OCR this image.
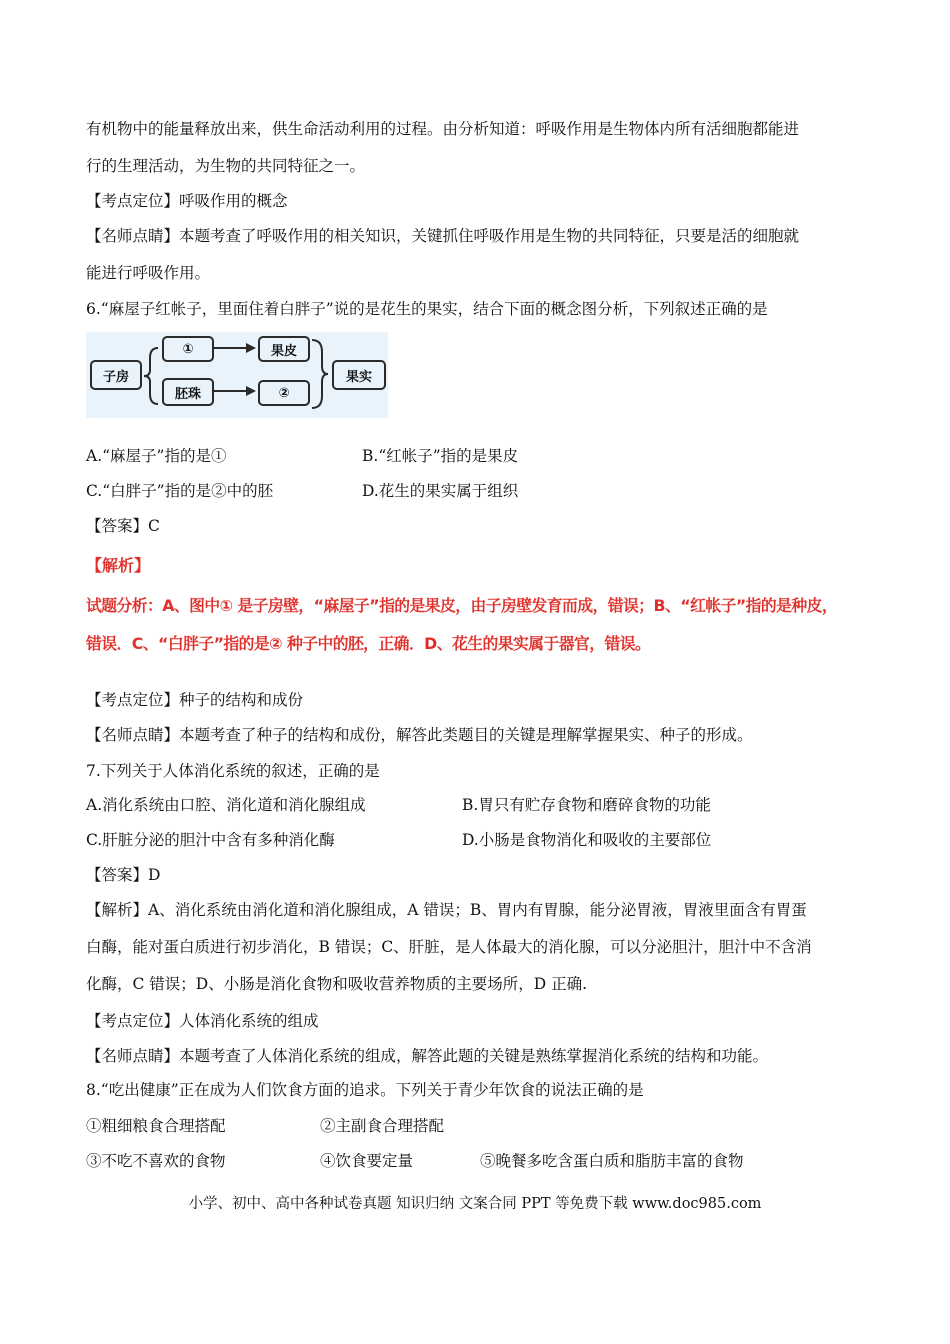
有机物中的能量释放出来，供生命活动利用的过程。由分析知道：呼吸作用是生物体内所有活细胞都能进
行的生理活动，为生物的共同特征之一。
【考点定位】呼吸作用的概念
【名师点睛】本题考查了呼吸作用的相关知识，关键抓住呼吸作用是生物的共同特征，只要是活的细胞就
能进行呼吸作用。
6.“麻屋子红帐子，里面住着白胖子”说的是花生的果实，结合下面的概念图分析，下列叙述正确的是
子房
①	果皮
胚珠	②
果实
A.“麻屋子”指的是①	B.“红帐子”指的是果皮
C.“白胖子”指的是②中的胚	D.花生的果实属于组织
【答案】C
【解析】
试题分析：A、图中① 是子房壁，“麻屋子”指的是果皮，由子房壁发育而成，错误；B、“红帐子”指的是种皮，
错误．C、“白胖子”指的是② 种子中的胚，正确．D、花生的果实属于器官，错误。
【考点定位】种子的结构和成份
【名师点睛】本题考查了种子的结构和成份，解答此类题目的关键是理解掌握果实、种子的形成。
7.下列关于人体消化系统的叙述，正确的是
A.消化系统由口腔、消化道和消化腺组成	B.胃只有贮存食物和磨碎食物的功能
C.肝脏分泌的胆汁中含有多种消化酶	D.小肠是食物消化和吸收的主要部位
【答案】D
【解析】A、消化系统由消化道和消化腺组成，A 错误；B、胃内有胃腺，能分泌胃液，胃液里面含有胃蛋
白酶，能对蛋白质进行初步消化，B 错误；C、肝脏，是人体最大的消化腺，可以分泌胆汁，胆汁中不含消
化酶，C 错误；D、小肠是消化食物和吸收营养物质的主要场所，D 正确.
【考点定位】人体消化系统的组成
【名师点睛】本题考查了人体消化系统的组成，解答此题的关键是熟练掌握消化系统的结构和功能。
8.“吃出健康”正在成为人们饮食方面的追求。下列关于青少年饮食的说法正确的是
①粗细粮食合理搭配	②主副食合理搭配
③不吃不喜欢的食物	④饮食要定量	⑤晚餐多吃含蛋白质和脂肪丰富的食物
小学、初中、高中各种试卷真题 知识归纳 文案合同 PPT 等免费下载 www.doc985.com
